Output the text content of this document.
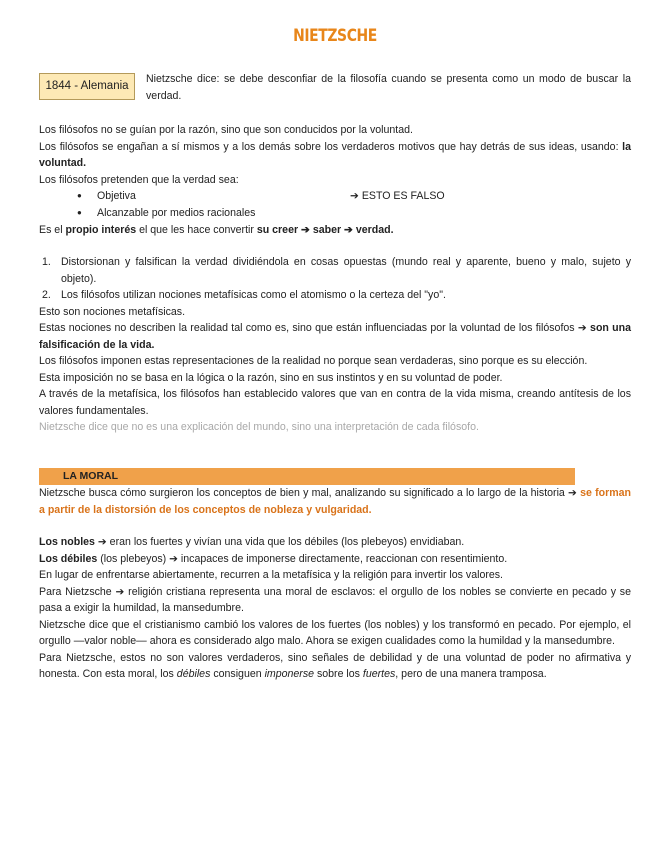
NIETZSCHE
1844 - Alemania

Nietzsche dice: se debe desconfiar de la filosofía cuando se presenta como un modo de buscar la verdad.

Los filósofos no se guían por la razón, sino que son conducidos por la voluntad.

Los filósofos se engañan a sí mismos y a los demás sobre los verdaderos motivos que hay detrás de sus ideas, usando: la voluntad.

Los filósofos pretenden que la verdad sea:

● Objetiva	➔ ESTO ES FALSO
● Alcanzable por medios racionales

Es el propio interés el que les hace convertir su creer ➔ saber ➔ verdad.

1. Distorsionan y falsifican la verdad dividiéndola en cosas opuestas (mundo real y aparente, bueno y malo, sujeto y objeto).
2. Los filósofos utilizan nociones metafísicas como el atomismo o la certeza del "yo".

Esto son nociones metafísicas.

Estas nociones no describen la realidad tal como es, sino que están influenciadas por la voluntad de los filósofos ➔ son una falsificación de la vida.

Los filósofos imponen estas representaciones de la realidad no porque sean verdaderas, sino porque es su elección.

Esta imposición no se basa en la lógica o la razón, sino en sus instintos y en su voluntad de poder.

A través de la metafísica, los filósofos han establecido valores que van en contra de la vida misma, creando antítesis de los valores fundamentales.

Nietzsche dice que no es una explicación del mundo, sino una interpretación de cada filósofo.

LA MORAL

Nietzsche busca cómo surgieron los conceptos de bien y mal, analizando su significado a lo largo de la historia ➔ se forman a partir de la distorsión de los conceptos de nobleza y vulgaridad.

Los nobles ➔ eran los fuertes y vivían una vida que los débiles (los plebeyos) envidiaban.

Los débiles (los plebeyos) ➔ incapaces de imponerse directamente, reaccionan con resentimiento.

En lugar de enfrentarse abiertamente, recurren a la metafísica y la religión para invertir los valores.

Para Nietzsche ➔ religión cristiana representa una moral de esclavos: el orgullo de los nobles se convierte en pecado y se pasa a exigir la humildad, la mansedumbre.

Nietzsche dice que el cristianismo cambió los valores de los fuertes (los nobles) y los transformó en pecado. Por ejemplo, el orgullo —valor noble— ahora es considerado algo malo. Ahora se exigen cualidades como la humildad y la mansedumbre.

Para Nietzsche, estos no son valores verdaderos, sino señales de debilidad y de una voluntad de poder no afirmativa y honesta. Con esta moral, los débiles consiguen imponerse sobre los fuertes, pero de una manera tramposa.
